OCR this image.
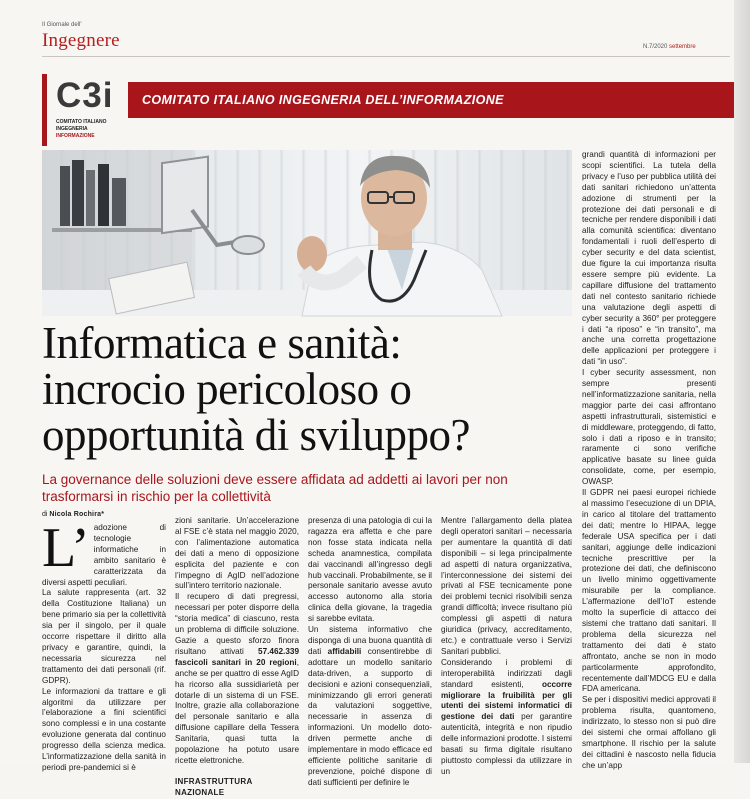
Il Giornale dell'
Ingegnere	N.7/2020 settembre
C3i
COMITATO ITALIANO
INGEGNERIA
INFORMAZIONE
COMITATO ITALIANO INGEGNERIA DELL’INFORMAZIONE
Informatica e sanità:
incrocio pericoloso o
opportunità di sviluppo?
La governance delle soluzioni deve essere affidata ad addetti ai lavori per non trasformarsi in rischio per la collettività
di Nicola Rochira*

L’ adozione di tecnologie informatiche in ambito sanitario è caratterizzata da diversi aspetti peculiari.

La salute rappresenta (art. 32 della Costituzione Italiana) un bene primario sia per la collettività sia per il singolo, per il quale occorre rispettare il diritto alla privacy e garantire, quindi, la necessaria sicurezza nel trattamento dei dati personali (rif. GDPR).

Le informazioni da trattare e gli algoritmi da utilizzare per l’elaborazione a fini scientifici sono complessi e in una costante evoluzione generata dal continuo progresso della scienza medica. L’informatizzazione della sanità in periodi pre-pandemici si è

zioni sanitarie. Un’accelerazione al FSE c’è stata nel maggio 2020, con l’alimentazione automatica dei dati a meno di opposizione esplicita del paziente e con l’impegno di AgID nell’adozione sull’intero territorio nazionale.

Il recupero di dati pregressi, necessari per poter disporre della “storia medica” di ciascuno, resta un problema di difficile soluzione. Gazie a questo sforzo finora risultano attivati 57.462.339 fascicoli sanitari in 20 regioni, anche se per quattro di esse AgID ha ricorso alla sussidiarietà per dotarle di un sistema di un FSE. Inoltre, grazie alla collaborazione del personale sanitario e alla diffusione capillare della Tessera Sanitaria, quasi tutta la popolazione ha potuto usare ricette elettroniche.

INFRASTRUTTURA NAZIONALE

presenza di una patologia di cui la ragazza era affetta e che pare non fosse stata indicata nella scheda anamnestica, compilata dai vaccinandi all’ingresso degli hub vaccinali. Probabilmente, se il personale sanitario avesse avuto accesso autonomo alla storia clinica della giovane, la tragedia si sarebbe evitata.

Un sistema informativo che disponga di una buona quantità di dati affidabili consentirebbe di adottare un modello sanitario data-driven, a supporto di decisioni e azioni consequenziali, minimizzando gli errori generati da valutazioni soggettive, necessarie in assenza di informazioni. Un modello doto-driven permette anche di implementare in modo efficace ed efficiente politiche sanitarie di prevenzione, poiché dispone di dati sufficienti per definire le

Mentre l’allargamento della platea degli operatori sanitari – necessaria per aumentare la quantità di dati disponibili – si lega principalmente ad aspetti di natura organizzativa, l’interconnessione dei sistemi dei privati al FSE tecnicamente pone dei problemi tecnici risolvibili senza grandi difficoltà; invece risultano più complessi gli aspetti di natura giuridica (privacy, accreditamento, etc.) e contrattuale verso i Servizi Sanitari pubblici.

Considerando i problemi di interoperabilità indirizzati dagli standard esistenti, occorre migliorare la fruibilità per gli utenti dei sistemi informatici di gestione dei dati per garantire autenticità, integrità e non ripudio delle informazioni prodotte. I sistemi basati su firma digitale risultano piuttosto complessi da utilizzare in un

grandi quantità di informazioni per scopi scientifici. La tutela della privacy e l’uso per pubblica utilità dei dati sanitari richiedono un’attenta adozione di strumenti per la protezione dei dati personali e di tecniche per rendere disponibili i dati alla comunità scientifica: diventano fondamentali i ruoli dell’esperto di cyber security e del data scientist, due figure la cui importanza risulta essere sempre più evidente. La capillare diffusione del trattamento dati nel contesto sanitario richiede una valutazione degli aspetti di cyber security a 360° per proteggere i dati “a riposo” e “in transito”, ma anche una corretta progettazione delle applicazioni per proteggere i dati “in uso”.

I cyber security assessment, non sempre presenti nell’informatizzazione sanitaria, nella maggior parte dei casi affrontano aspetti infrastrutturali, sistemistici e di middleware, proteggendo, di fatto, solo i dati a riposo e in transito; raramente ci sono verifiche applicative basate su linee guida consolidate, come, per esempio, OWASP.

Il GDPR nei paesi europei richiede al massimo l’esecuzione di un DPIA, in carico al titolare del trattamento dei dati; mentre lo HIPAA, legge federale USA specifica per i dati sanitari, aggiunge delle indicazioni tecniche prescrittive per la protezione dei dati, che definiscono un livello minimo oggettivamente misurabile per la compliance. L’affermazione dell’IoT estende molto la superficie di attacco dei sistemi che trattano dati sanitari. Il problema della sicurezza nel trattamento dei dati è stato affrontato, anche se non in modo particolarmente approfondito, recentemente dall’MDCG EU e dalla FDA americana.

Se per i dispositivi medici approvati il problema risulta, quantomeno, indirizzato, lo stesso non si può dire dei sistemi che ormai affollano gli smartphone. Il rischio per la salute dei cittadini è nascosto nella fiducia che un’app
